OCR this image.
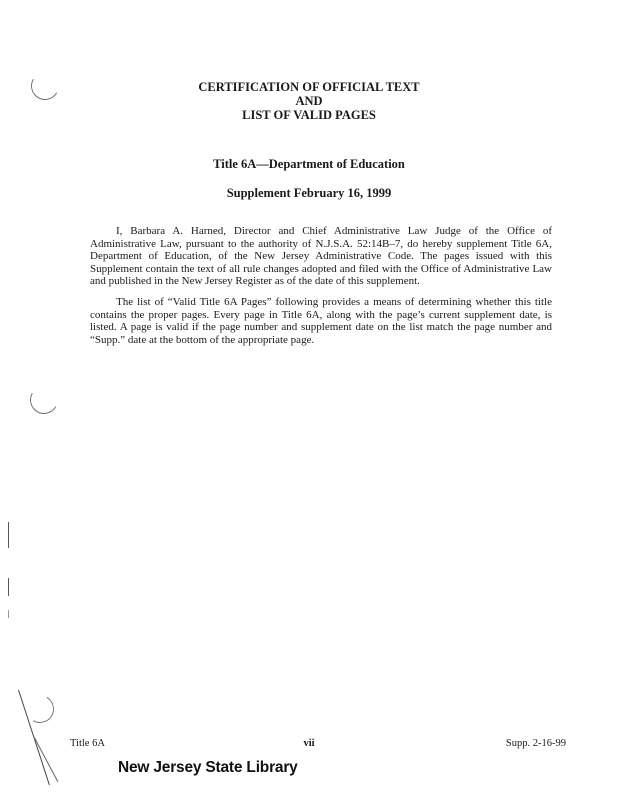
CERTIFICATION OF OFFICIAL TEXT
AND
LIST OF VALID PAGES
Title 6A—Department of Education
Supplement February 16, 1999

I, Barbara A. Harned, Director and Chief Administrative Law Judge of the Office of Administrative Law, pursuant to the authority of N.J.S.A. 52:14B–7, do hereby supplement Title 6A, Department of Education, of the New Jersey Administrative Code. The pages issued with this Supplement contain the text of all rule changes adopted and filed with the Office of Administrative Law and published in the New Jersey Register as of the date of this supplement.

The list of “Valid Title 6A Pages” following provides a means of determining whether this title contains the proper pages. Every page in Title 6A, along with the page’s current supplement date, is listed. A page is valid if the page number and supplement date on the list match the page number and “Supp.” date at the bottom of the appropriate page.

Title 6A	vii	Supp. 2-16-99
New Jersey State Library
